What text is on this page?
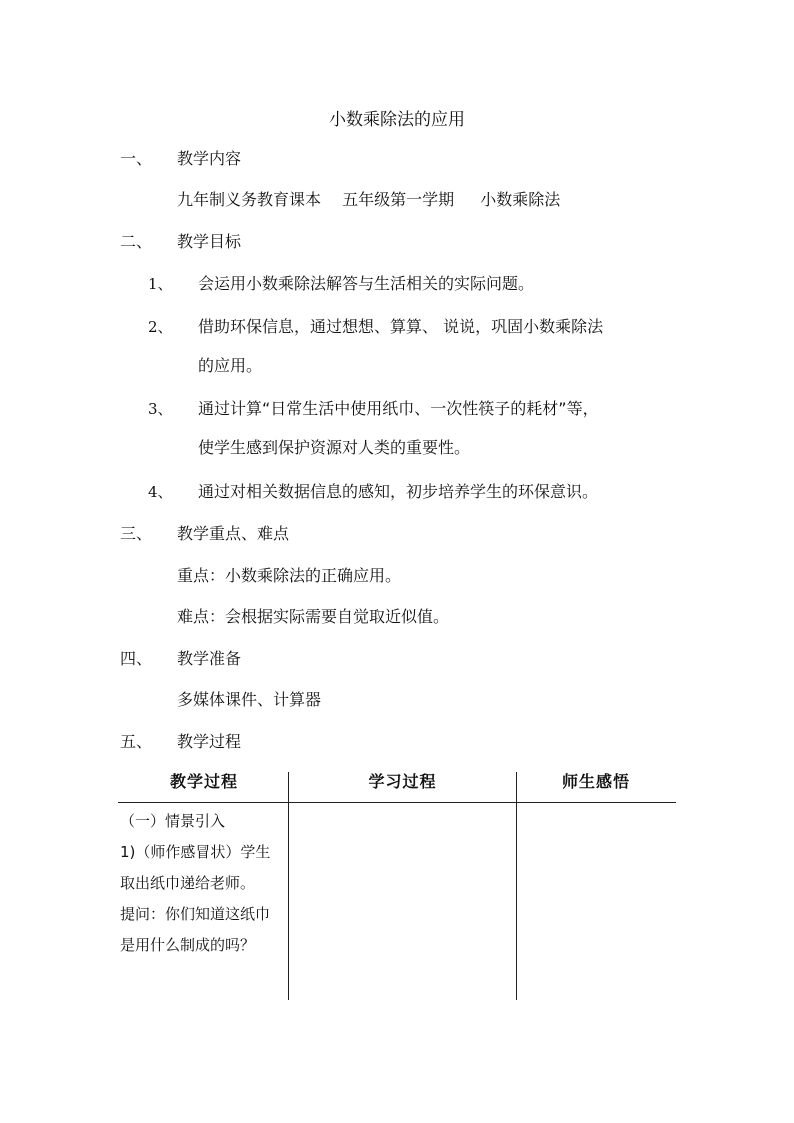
小数乘除法的应用
一、 教学内容
九年制义务教育课本　 五年级第一学期 　 小数乘除法
二、 教学目标
1、 会运用小数乘除法解答与生活相关的实际问题。
2、 借助环保信息，通过想想、算算、 说说，巩固小数乘除法
的应用。
3、 通过计算“日常生活中使用纸巾、一次性筷子的耗材”等，
使学生感到保护资源对人类的重要性。
4、 通过对相关数据信息的感知，初步培养学生的环保意识。
三、 教学重点、难点
重点：小数乘除法的正确应用。
难点：会根据实际需要自觉取近似值。
四、 教学准备
多媒体课件、计算器
五、 教学过程
教学过程	学习过程	师生感悟
（一）情景引入
1)（师作感冒状）学生
取出纸巾递给老师。
提问：你们知道这纸巾
是用什么制成的吗？
